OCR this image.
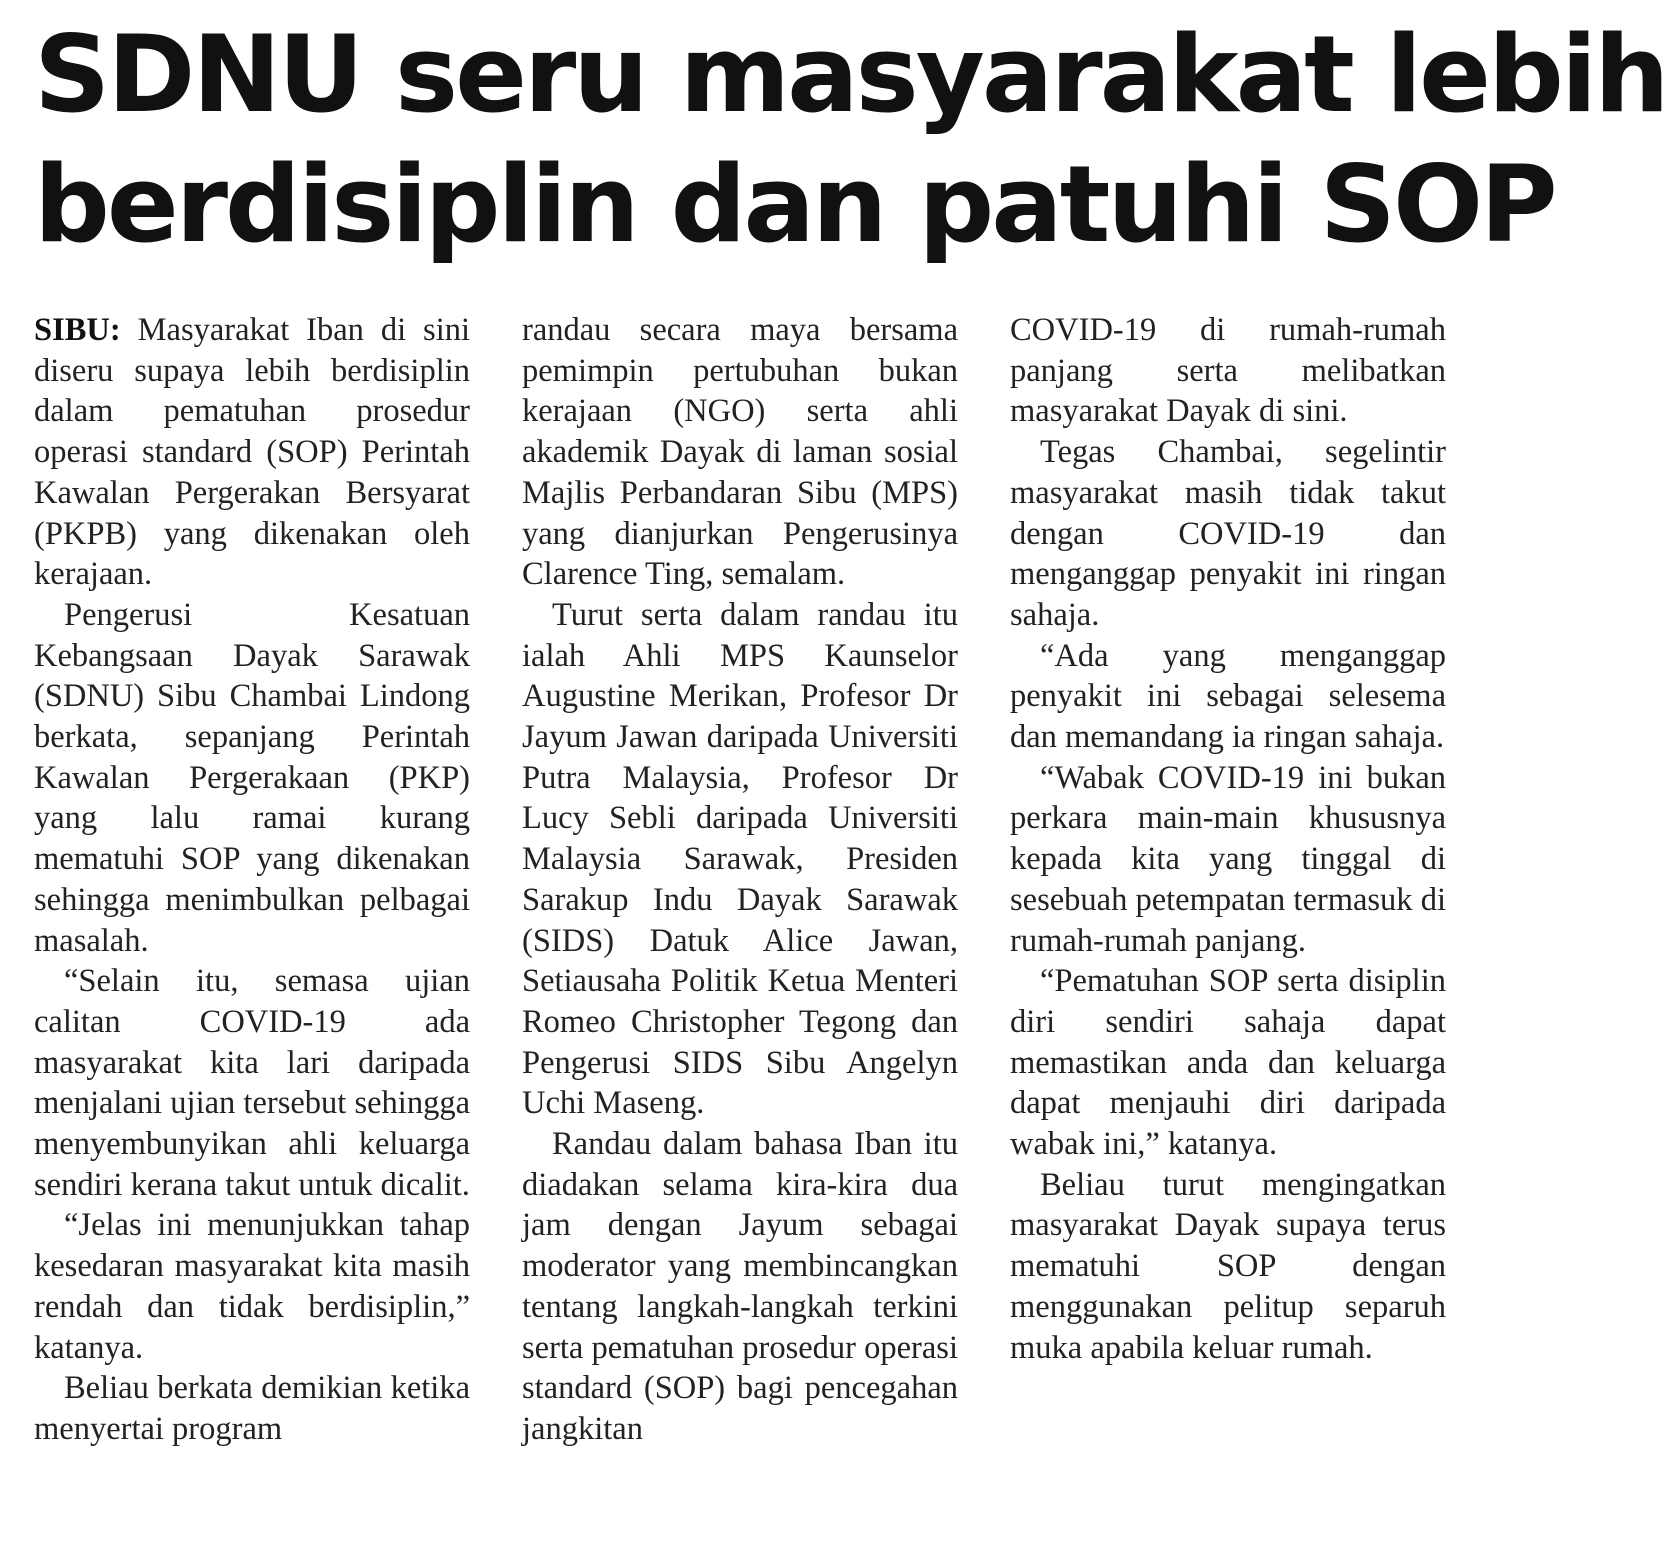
SDNU seru masyarakat lebih
berdisiplin dan patuhi SOP

SIBU: Masyarakat Iban di sini diseru supaya lebih berdisiplin dalam pematuhan prosedur operasi standard (SOP) Perintah Kawalan Pergerakan Bersyarat (PKPB) yang dikenakan oleh kerajaan.

Pengerusi Kesatuan Kebangsaan Dayak Sarawak (SDNU) Sibu Chambai Lindong berkata, sepanjang Perintah Kawalan Pergerakaan (PKP) yang lalu ramai kurang mematuhi SOP yang dikenakan sehingga menimbulkan pelbagai masalah.

“Selain itu, semasa ujian calitan COVID-19 ada masyarakat kita lari daripada menjalani ujian tersebut sehingga menyembunyikan ahli keluarga sendiri kerana takut untuk dicalit.

“Jelas ini menunjukkan tahap kesedaran masyarakat kita masih rendah dan tidak berdisiplin,” katanya.

Beliau berkata demikian ketika menyertai program

randau secara maya bersama pemimpin pertubuhan bukan kerajaan (NGO) serta ahli akademik Dayak di laman sosial Majlis Perbandaran Sibu (MPS) yang dianjurkan Pengerusinya Clarence Ting, semalam.

Turut serta dalam randau itu ialah Ahli MPS Kaunselor Augustine Merikan, Profesor Dr Jayum Jawan daripada Universiti Putra Malaysia, Profesor Dr Lucy Sebli daripada Universiti Malaysia Sarawak, Presiden Sarakup Indu Dayak Sarawak (SIDS) Datuk Alice Jawan, Setiausaha Politik Ketua Menteri Romeo Christopher Tegong dan Pengerusi SIDS Sibu Angelyn Uchi Maseng.

Randau dalam bahasa Iban itu diadakan selama kira-kira dua jam dengan Jayum sebagai moderator yang membincangkan tentang langkah-langkah terkini serta pematuhan prosedur operasi standard (SOP) bagi pencegahan jangkitan

COVID-19 di rumah-rumah panjang serta melibatkan masyarakat Dayak di sini.

Tegas Chambai, segelintir masyarakat masih tidak takut dengan COVID-19 dan menganggap penyakit ini ringan sahaja.

“Ada yang menganggap penyakit ini sebagai selesema dan memandang ia ringan sahaja.

“Wabak COVID-19 ini bukan perkara main-main khususnya kepada kita yang tinggal di sesebuah petempatan termasuk di rumah-rumah panjang.

“Pematuhan SOP serta disiplin diri sendiri sahaja dapat memastikan anda dan keluarga dapat menjauhi diri daripada wabak ini,” katanya.

Beliau turut mengingatkan masyarakat Dayak supaya terus mematuhi SOP dengan menggunakan pelitup separuh muka apabila keluar rumah.
